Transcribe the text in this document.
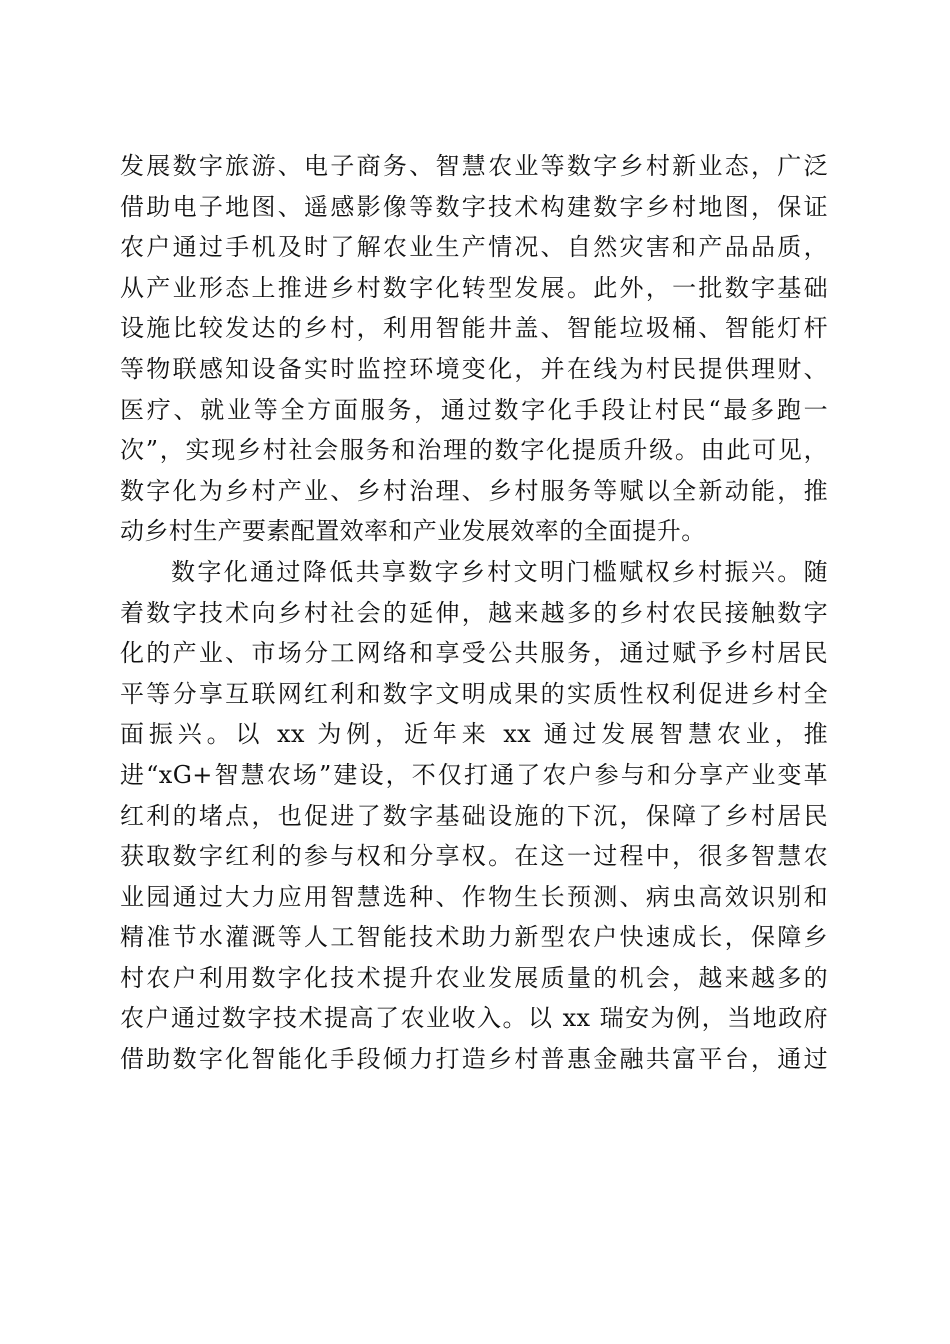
发展数字旅游、电子商务、智慧农业等数字乡村新业态，广泛
借助电子地图、遥感影像等数字技术构建数字乡村地图，保证
农户通过手机及时了解农业生产情况、自然灾害和产品品质，
从产业形态上推进乡村数字化转型发展。此外，一批数字基础
设施比较发达的乡村，利用智能井盖、智能垃圾桶、智能灯杆
等物联感知设备实时监控环境变化，并在线为村民提供理财、
医疗、就业等全方面服务，通过数字化手段让村民“最多跑一
次”，实现乡村社会服务和治理的数字化提质升级。由此可见，
数字化为乡村产业、乡村治理、乡村服务等赋以全新动能，推
动乡村生产要素配置效率和产业发展效率的全面提升。
数字化通过降低共享数字乡村文明门槛赋权乡村振兴。随
着数字技术向乡村社会的延伸，越来越多的乡村农民接触数字
化的产业、市场分工网络和享受公共服务，通过赋予乡村居民
平等分享互联网红利和数字文明成果的实质性权利促进乡村全
面振兴。以 xx 为例，近年来 xx 通过发展智慧农业，推
进“xG+智慧农场”建设，不仅打通了农户参与和分享产业变革
红利的堵点，也促进了数字基础设施的下沉，保障了乡村居民
获取数字红利的参与权和分享权。在这一过程中，很多智慧农
业园通过大力应用智慧选种、作物生长预测、病虫高效识别和
精准节水灌溉等人工智能技术助力新型农户快速成长，保障乡
村农户利用数字化技术提升农业发展质量的机会，越来越多的
农户通过数字技术提高了农业收入。以 xx 瑞安为例，当地政府
借助数字化智能化手段倾力打造乡村普惠金融共富平台，通过
